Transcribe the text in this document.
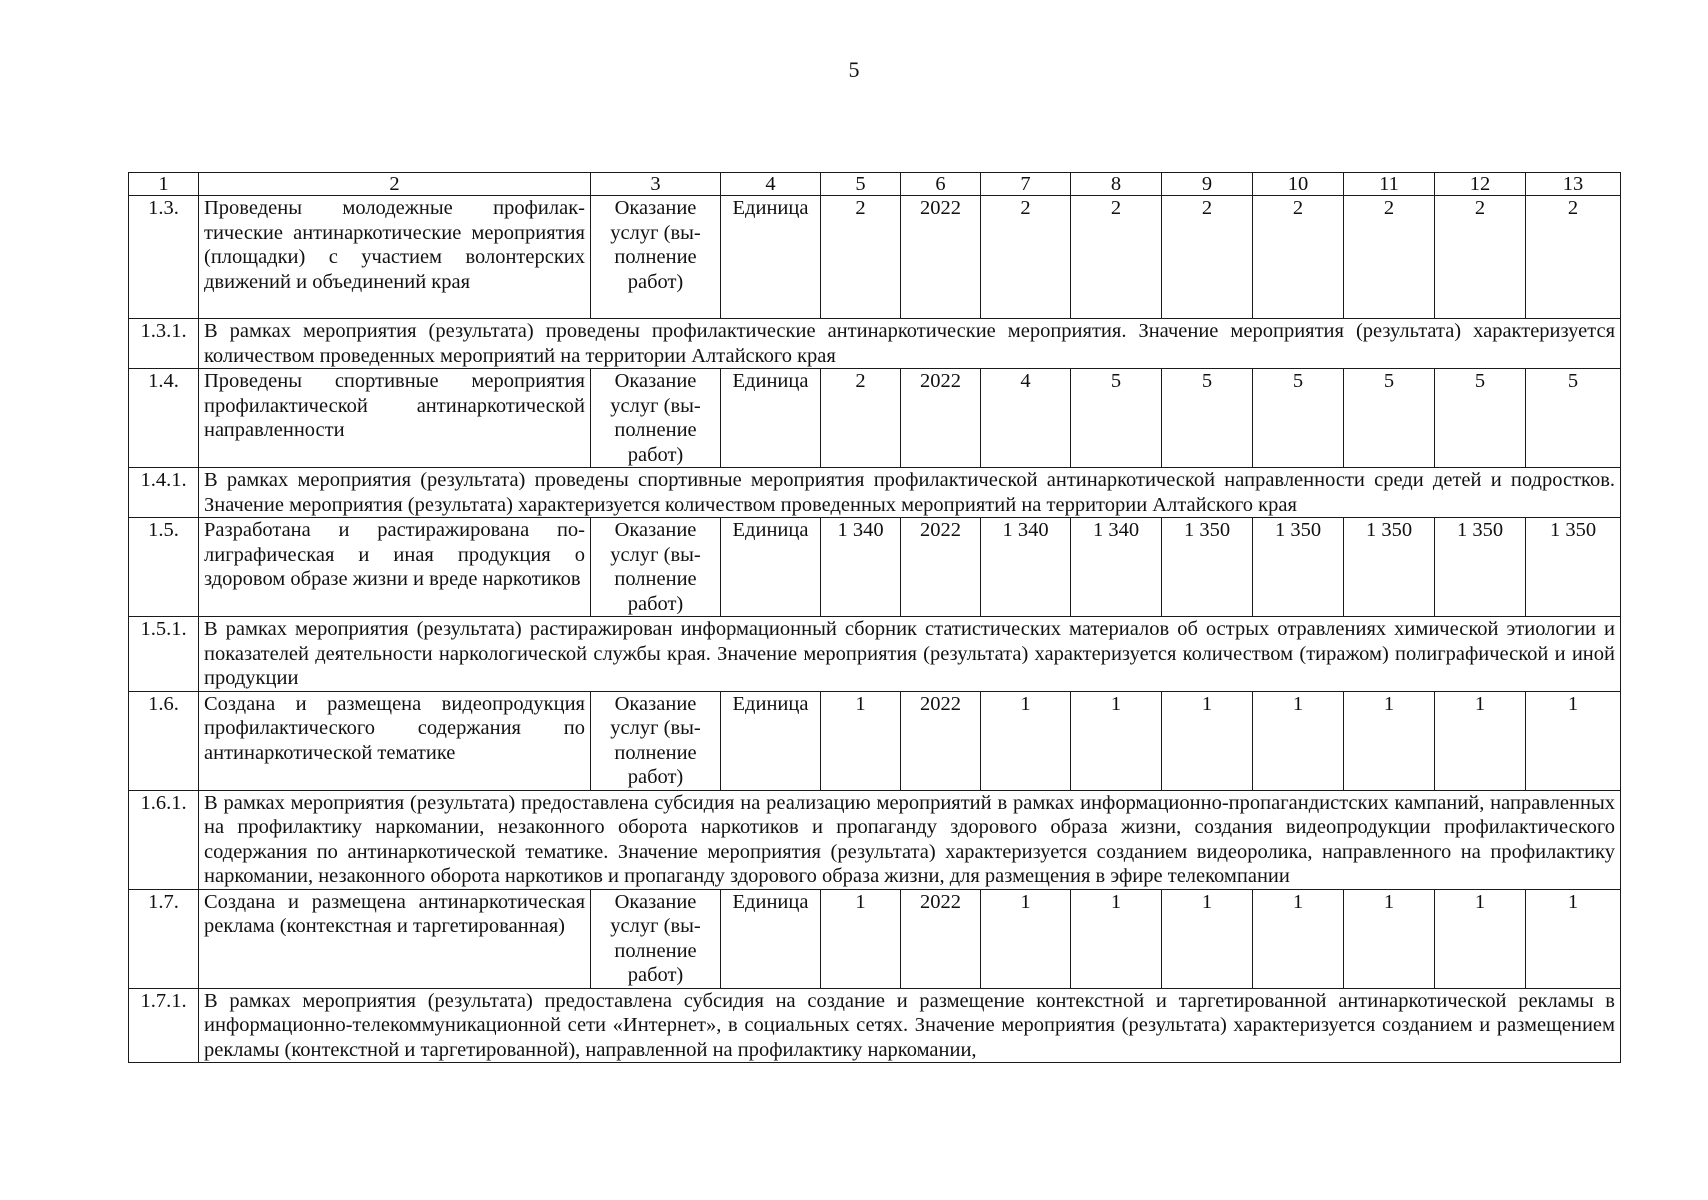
5
1	2	3	4	5	6	7	8	9	10	11	12	13
1.3.	Проведены молодежные профилактические антинаркотические мероприятия (площадки) с участием волонтерских движений и объединений края	Оказание услуг (выполнение работ)	Единица	2	2022	2	2	2	2	2	2	2
1.3.1.	В рамках мероприятия (результата) проведены профилактические антинаркотические мероприятия. Значение мероприятия (результата) характеризуется количеством проведенных мероприятий на территории Алтайского края											
1.4.	Проведены спортивные мероприятия профилактической антинаркотической направленности	Оказание услуг (выполнение работ)	Единица	2	2022	4	5	5	5	5	5	5
1.4.1.	В рамках мероприятия (результата) проведены спортивные мероприятия профилактической антинаркотической направленности среди детей и подростков. Значение мероприятия (результата) характеризуется количеством проведенных мероприятий на территории Алтайского края											
1.5.	Разработана и растиражирована полиграфическая и иная продукция о здоровом образе жизни и вреде наркотиков	Оказание услуг (выполнение работ)	Единица	1 340	2022	1 340	1 340	1 350	1 350	1 350	1 350	1 350
1.5.1.	В рамках мероприятия (результата) растиражирован информационный сборник статистических материалов об острых отравлениях химической этиологии и показателей деятельности наркологической службы края. Значение мероприятия (результата) характеризуется количеством (тиражом) полиграфической и иной продукции											
1.6.	Создана и размещена видеопродукция профилактического содержания по антинаркотической тематике	Оказание услуг (выполнение работ)	Единица	1	2022	1	1	1	1	1	1	1
1.6.1.	В рамках мероприятия (результата) предоставлена субсидия на реализацию мероприятий в рамках информационно-пропагандистских кампаний, направленных на профилактику наркомании, незаконного оборота наркотиков и пропаганду здорового образа жизни, создания видеопродукции профилактического содержания по антинаркотической тематике. Значение мероприятия (результата) характеризуется созданием видеоролика, направленного на профилактику наркомании, незаконного оборота наркотиков и пропаганду здорового образа жизни, для размещения в эфире телекомпании											
1.7.	Создана и размещена антинаркотическая реклама (контекстная и таргетированная)	Оказание услуг (выполнение работ)	Единица	1	2022	1	1	1	1	1	1	1
1.7.1.	В рамках мероприятия (результата) предоставлена субсидия на создание и размещение контекстной и таргетированной антинаркотической рекламы в информационно-телекоммуникационной сети «Интернет», в социальных сетях. Значение мероприятия (результата) характеризуется созданием и размещением рекламы (контекстной и таргетированной), направленной на профилактику наркомании,											
